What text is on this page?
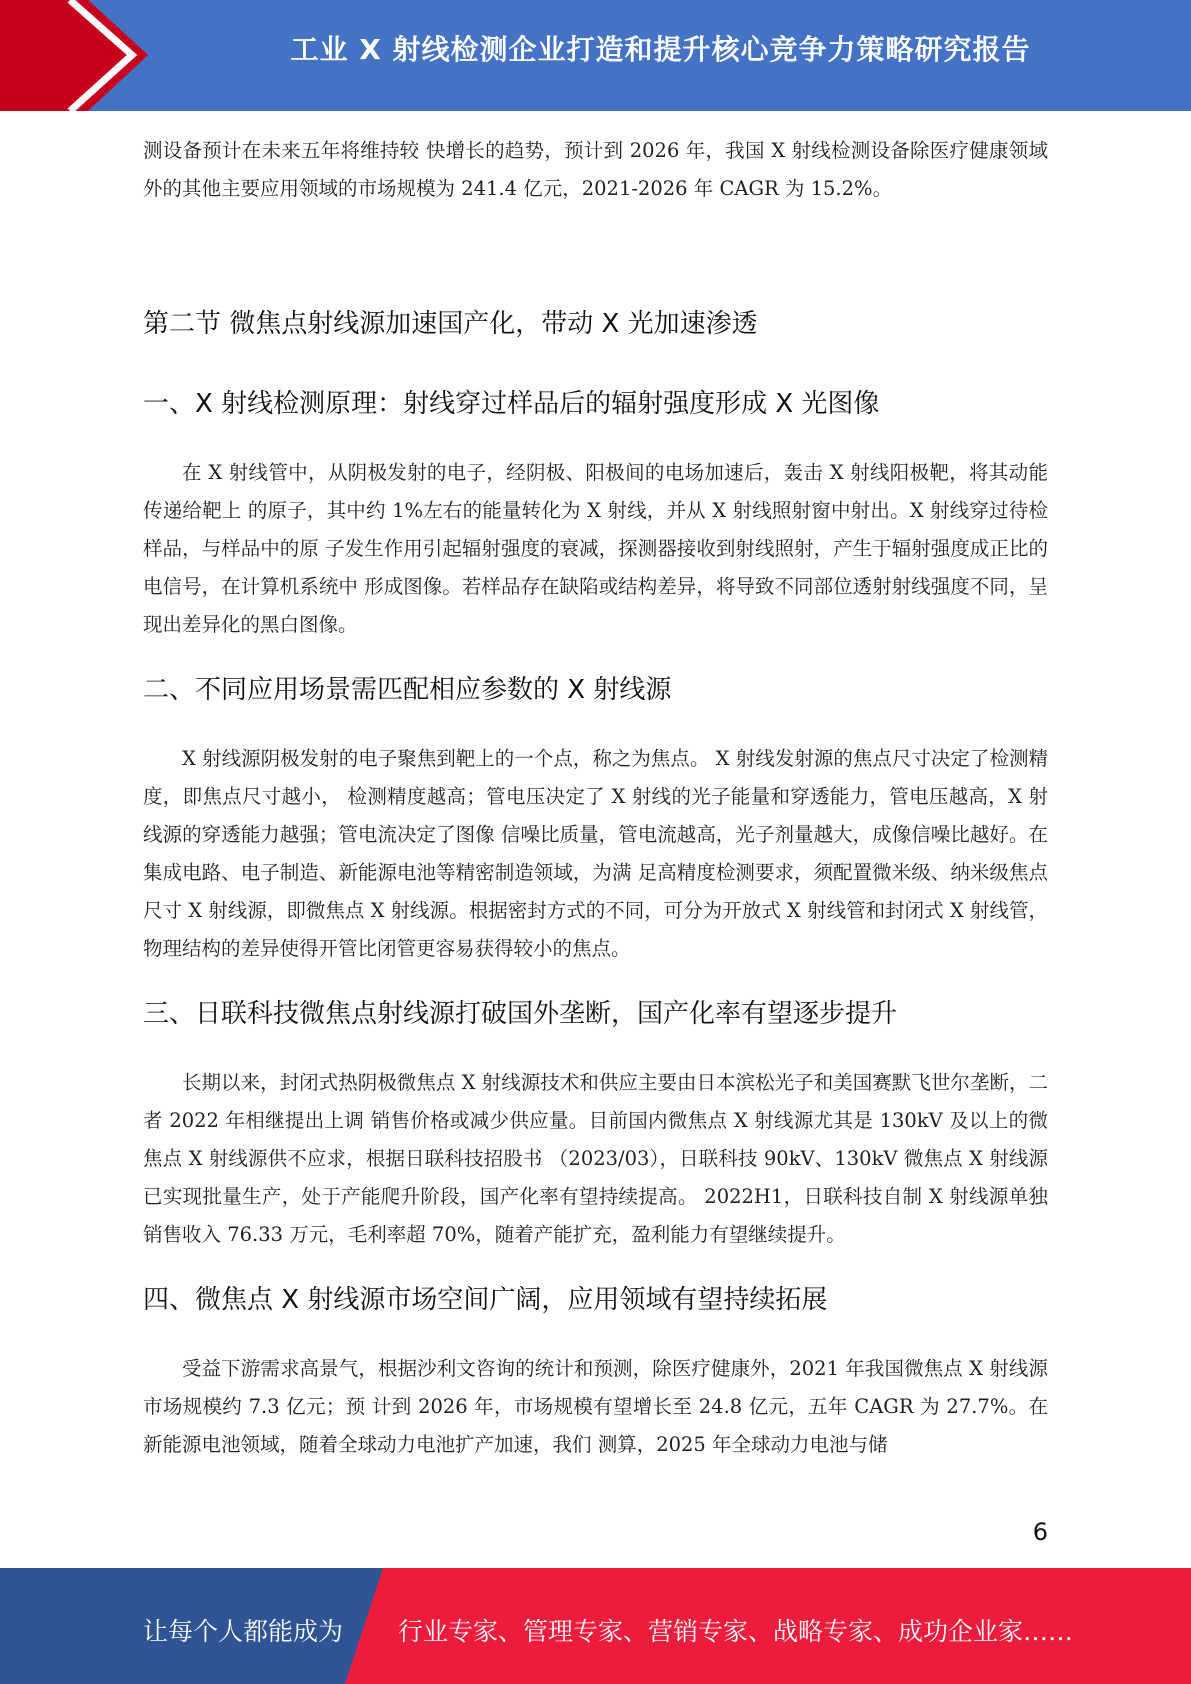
工业 X 射线检测企业打造和提升核心竞争力策略研究报告

测设备预计在未来五年将维持较 快增长的趋势，预计到 2026 年，我国 X 射线检测设备除医疗健康领域外的其他主要应用领域的市场规模为 241.4 亿元，2021-2026 年 CAGR 为 15.2%。

第二节 微焦点射线源加速国产化，带动 X 光加速渗透
一、X 射线检测原理：射线穿过样品后的辐射强度形成 X 光图像

在 X 射线管中，从阴极发射的电子，经阴极、阳极间的电场加速后，轰击 X 射线阳极靶，将其动能传递给靶上 的原子，其中约 1%左右的能量转化为 X 射线，并从 X 射线照射窗中射出。X 射线穿过待检样品，与样品中的原 子发生作用引起辐射强度的衰减，探测器接收到射线照射，产生于辐射强度成正比的电信号，在计算机系统中 形成图像。若样品存在缺陷或结构差异，将导致不同部位透射射线强度不同，呈现出差异化的黑白图像。

二、不同应用场景需匹配相应参数的 X 射线源

X 射线源阴极发射的电子聚焦到靶上的一个点，称之为焦点。 X 射线发射源的焦点尺寸决定了检测精度，即焦点尺寸越小， 检测精度越高；管电压决定了 X 射线的光子能量和穿透能力，管电压越高，X 射线源的穿透能力越强；管电流决定了图像 信噪比质量，管电流越高，光子剂量越大，成像信噪比越好。在集成电路、电子制造、新能源电池等精密制造领域，为满 足高精度检测要求，须配置微米级、纳米级焦点尺寸 X 射线源，即微焦点 X 射线源。根据密封方式的不同，可分为开放式 X 射线管和封闭式 X 射线管，物理结构的差异使得开管比闭管更容易获得较小的焦点。

三、日联科技微焦点射线源打破国外垄断，国产化率有望逐步提升

长期以来，封闭式热阴极微焦点 X 射线源技术和供应主要由日本滨松光子和美国赛默飞世尔垄断，二者 2022 年相继提出上调 销售价格或减少供应量。目前国内微焦点 X 射线源尤其是 130kV 及以上的微焦点 X 射线源供不应求，根据日联科技招股书 （2023/03），日联科技 90kV、130kV 微焦点 X 射线源已实现批量生产，处于产能爬升阶段，国产化率有望持续提高。 2022H1，日联科技自制 X 射线源单独销售收入 76.33 万元，毛利率超 70%，随着产能扩充，盈利能力有望继续提升。

四、微焦点 X 射线源市场空间广阔，应用领域有望持续拓展

受益下游需求高景气，根据沙利文咨询的统计和预测，除医疗健康外，2021 年我国微焦点 X 射线源市场规模约 7.3 亿元；预 计到 2026 年，市场规模有望增长至 24.8 亿元，五年 CAGR 为 27.7%。在新能源电池领域，随着全球动力电池扩产加速，我们 测算，2025 年全球动力电池与储

6
让每个人都能成为 行业专家、管理专家、营销专家、战略专家、成功企业家……
